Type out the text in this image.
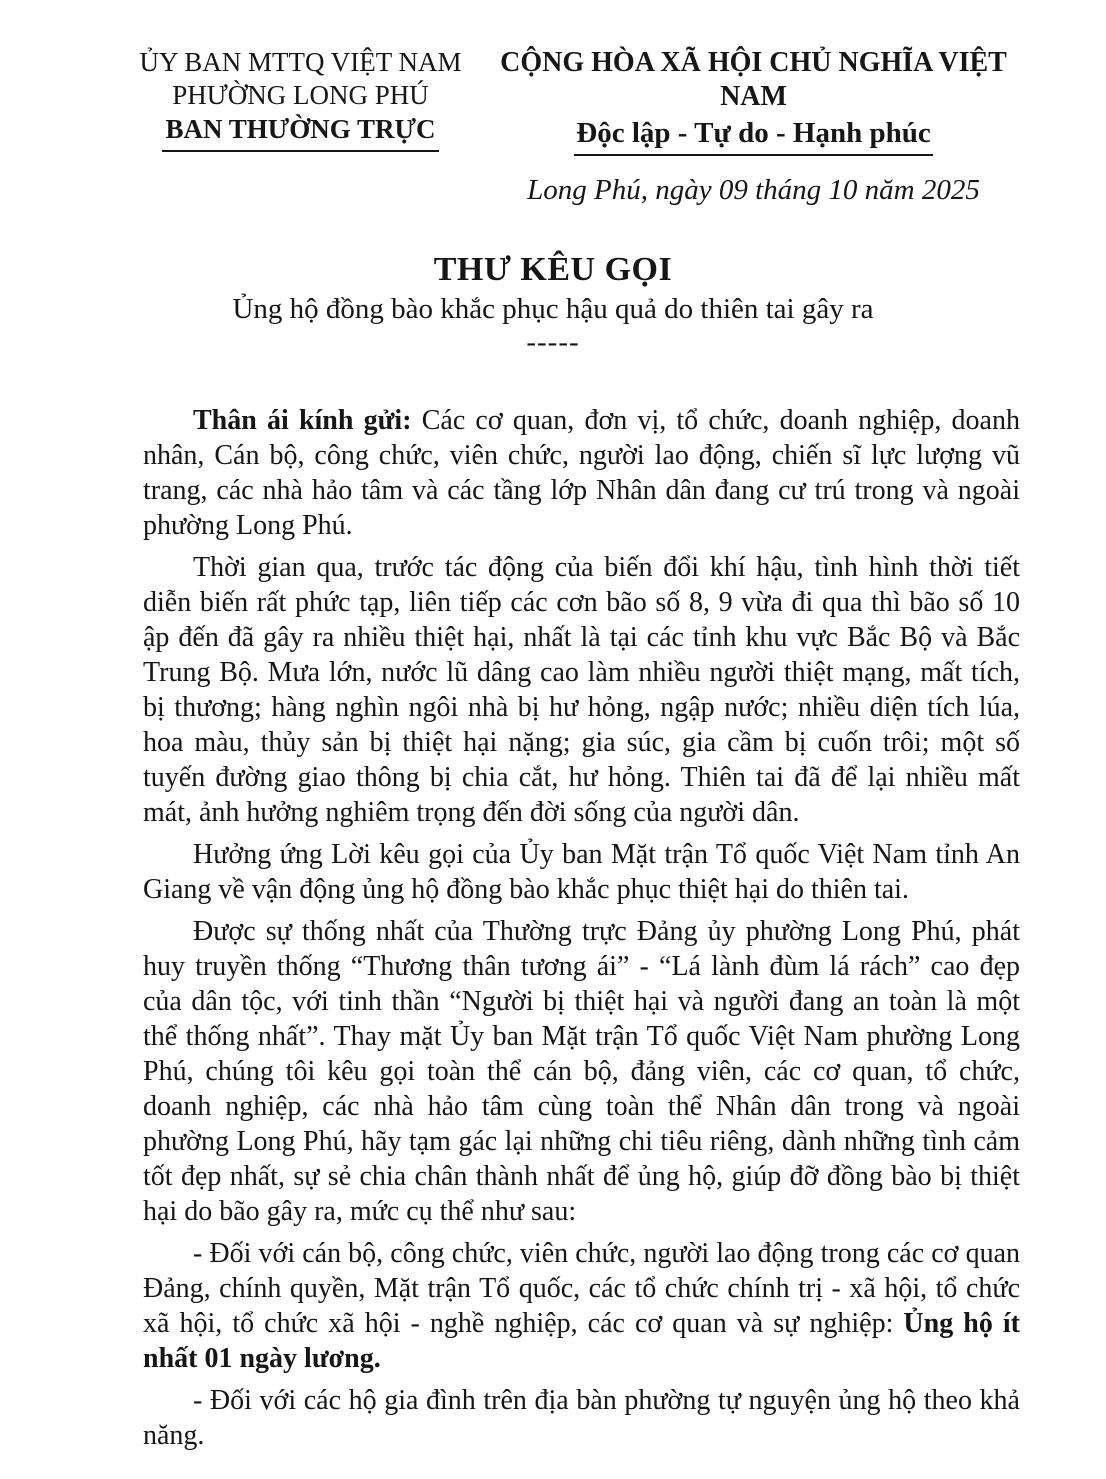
ỦY BAN MTTQ VIỆT NAM
PHƯỜNG LONG PHÚ
BAN THƯỜNG TRỰC
CỘNG HÒA XÃ HỘI CHỦ NGHĨA VIỆT NAM
Độc lập - Tự do - Hạnh phúc
Long Phú, ngày 09 tháng 10 năm 2025
THƯ KÊU GỌI
Ủng hộ đồng bào khắc phục hậu quả do thiên tai gây ra
-----

Thân ái kính gửi: Các cơ quan, đơn vị, tổ chức, doanh nghiệp, doanh nhân, Cán bộ, công chức, viên chức, người lao động, chiến sĩ lực lượng vũ trang, các nhà hảo tâm và các tầng lớp Nhân dân đang cư trú trong và ngoài phường Long Phú.

Thời gian qua, trước tác động của biến đổi khí hậu, tình hình thời tiết diễn biến rất phức tạp, liên tiếp các cơn bão số 8, 9 vừa đi qua thì bão số 10 ập đến đã gây ra nhiều thiệt hại, nhất là tại các tỉnh khu vực Bắc Bộ và Bắc Trung Bộ. Mưa lớn, nước lũ dâng cao làm nhiều người thiệt mạng, mất tích, bị thương; hàng nghìn ngôi nhà bị hư hỏng, ngập nước; nhiều diện tích lúa, hoa màu, thủy sản bị thiệt hại nặng; gia súc, gia cầm bị cuốn trôi; một số tuyến đường giao thông bị chia cắt, hư hỏng. Thiên tai đã để lại nhiều mất mát, ảnh hưởng nghiêm trọng đến đời sống của người dân.

Hưởng ứng Lời kêu gọi của Ủy ban Mặt trận Tổ quốc Việt Nam tỉnh An Giang về vận động ủng hộ đồng bào khắc phục thiệt hại do thiên tai.

Được sự thống nhất của Thường trực Đảng ủy phường Long Phú, phát huy truyền thống “Thương thân tương ái” - “Lá lành đùm lá rách” cao đẹp của dân tộc, với tinh thần “Người bị thiệt hại và người đang an toàn là một thể thống nhất”. Thay mặt Ủy ban Mặt trận Tổ quốc Việt Nam phường Long Phú, chúng tôi kêu gọi toàn thể cán bộ, đảng viên, các cơ quan, tổ chức, doanh nghiệp, các nhà hảo tâm cùng toàn thể Nhân dân trong và ngoài phường Long Phú, hãy tạm gác lại những chi tiêu riêng, dành những tình cảm tốt đẹp nhất, sự sẻ chia chân thành nhất để ủng hộ, giúp đỡ đồng bào bị thiệt hại do bão gây ra, mức cụ thể như sau:

- Đối với cán bộ, công chức, viên chức, người lao động trong các cơ quan Đảng, chính quyền, Mặt trận Tổ quốc, các tổ chức chính trị - xã hội, tổ chức xã hội, tổ chức xã hội - nghề nghiệp, các cơ quan và sự nghiệp: Ủng hộ ít nhất 01 ngày lương.

- Đối với các hộ gia đình trên địa bàn phường tự nguyện ủng hộ theo khả năng.
